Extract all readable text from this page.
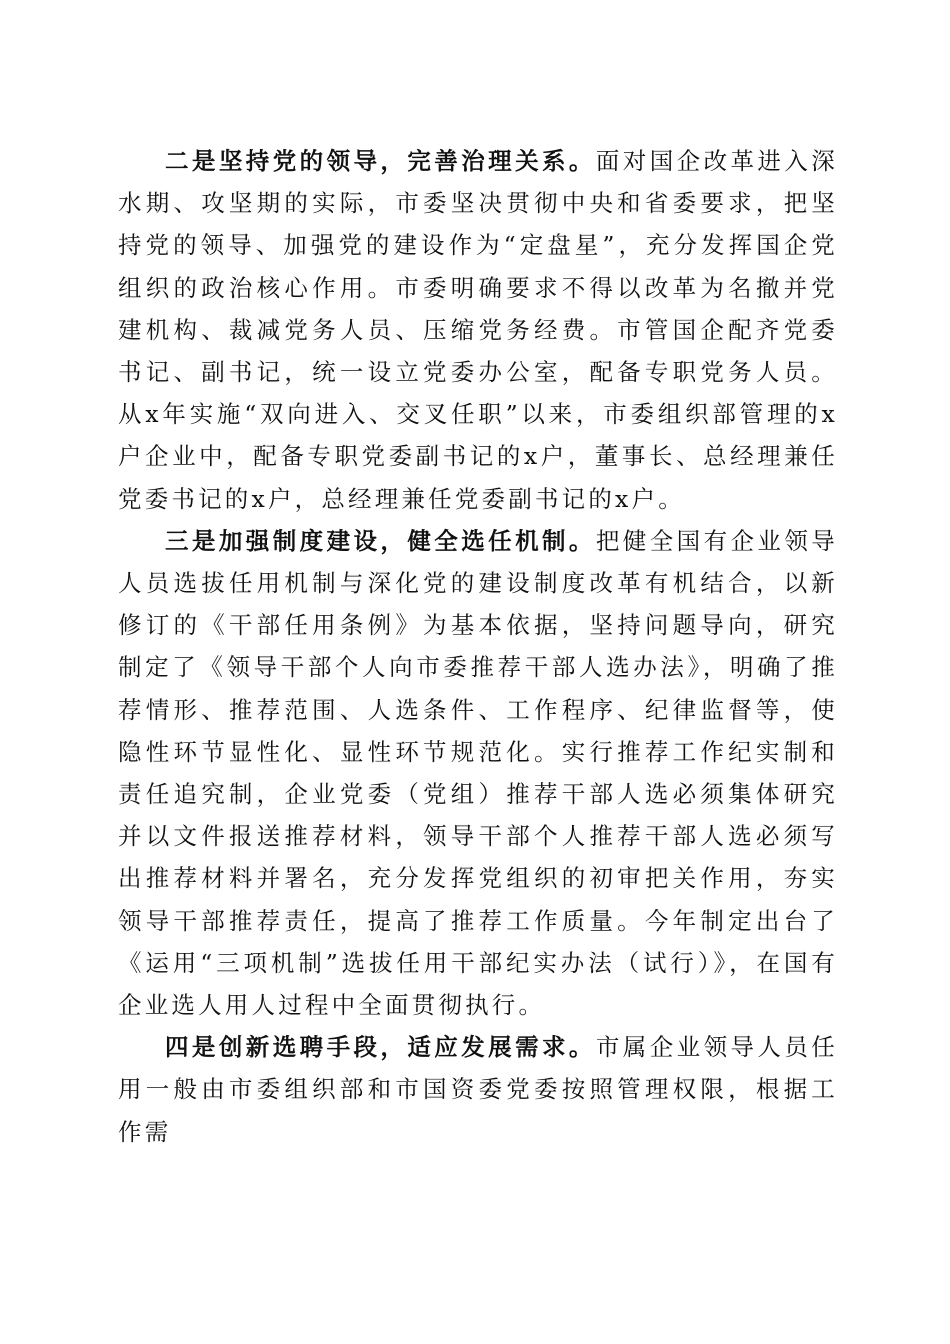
二是坚持党的领导，完善治理关系。面对国企改革进入深水期、攻坚期的实际，市委坚决贯彻中央和省委要求，把坚持党的领导、加强党的建设作为“定盘星”，充分发挥国企党组织的政治核心作用。市委明确要求不得以改革为名撤并党建机构、裁减党务人员、压缩党务经费。市管国企配齐党委书记、副书记，统一设立党委办公室，配备专职党务人员。从x年实施“双向进入、交叉任职”以来，市委组织部管理的x户企业中，配备专职党委副书记的x户，董事长、总经理兼任党委书记的x户，总经理兼任党委副书记的x户。

三是加强制度建设，健全选任机制。把健全国有企业领导人员选拔任用机制与深化党的建设制度改革有机结合，以新修订的《干部任用条例》为基本依据，坚持问题导向，研究制定了《领导干部个人向市委推荐干部人选办法》，明确了推荐情形、推荐范围、人选条件、工作程序、纪律监督等，使隐性环节显性化、显性环节规范化。实行推荐工作纪实制和责任追究制，企业党委（党组）推荐干部人选必须集体研究并以文件报送推荐材料，领导干部个人推荐干部人选必须写出推荐材料并署名，充分发挥党组织的初审把关作用，夯实领导干部推荐责任，提高了推荐工作质量。今年制定出台了《运用“三项机制”选拔任用干部纪实办法（试行）》，在国有企业选人用人过程中全面贯彻执行。

四是创新选聘手段，适应发展需求。市属企业领导人员任用一般由市委组织部和市国资委党委按照管理权限，根据工作需
